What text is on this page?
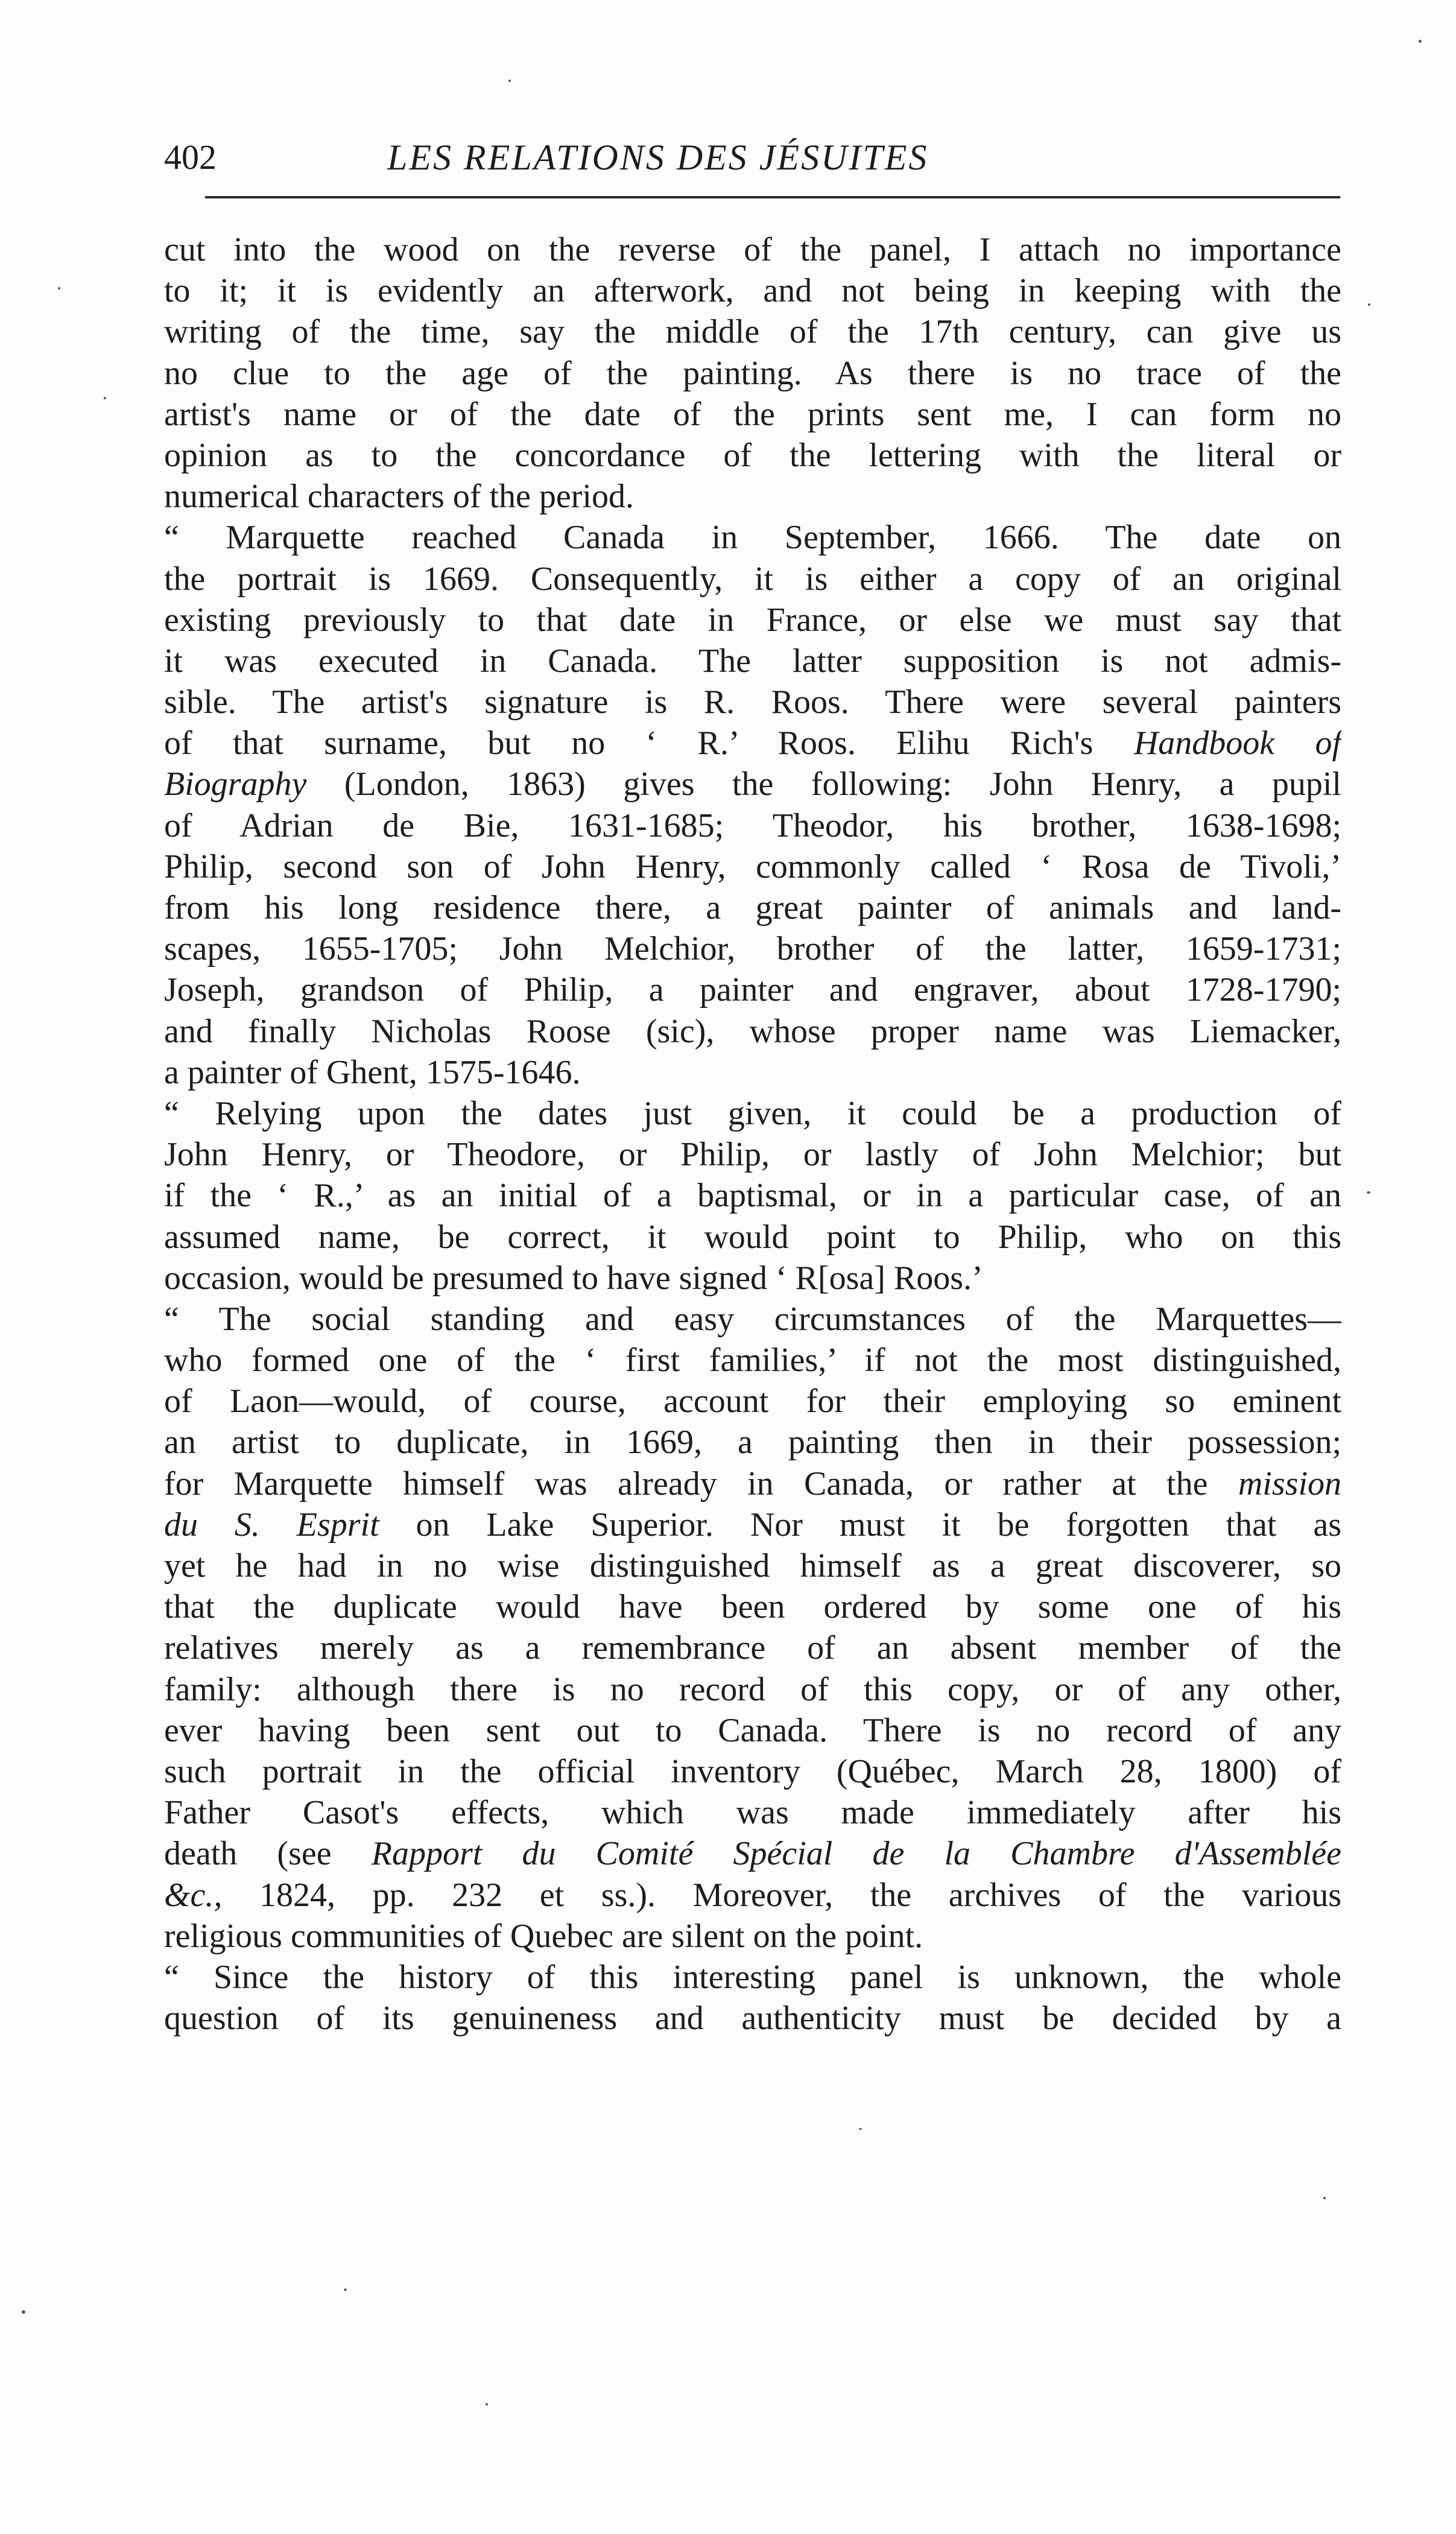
402	LES RELATIONS DES JÉSUITES
cut into the wood on the reverse of the panel, I attach no importance
to it; it is evidently an afterwork, and not being in keeping with the
writing of the time, say the middle of the 17th century, can give us
no clue to the age of the painting. As there is no trace of the
artist's name or of the date of the prints sent me, I can form no
opinion as to the concordance of the lettering with the literal or
numerical characters of the period.
“ Marquette reached Canada in September, 1666. The date on
the portrait is 1669. Consequently, it is either a copy of an original
existing previously to that date in France, or else we must say that
it was executed in Canada. The latter supposition is not admis-
sible. The artist's signature is R. Roos. There were several painters
of that surname, but no ‘ R.’ Roos. Elihu Rich's Handbook of
Biography (London, 1863) gives the following: John Henry, a pupil
of Adrian de Bie, 1631-1685; Theodor, his brother, 1638-1698;
Philip, second son of John Henry, commonly called ‘ Rosa de Tivoli,’
from his long residence there, a great painter of animals and land-
scapes, 1655-1705; John Melchior, brother of the latter, 1659-1731;
Joseph, grandson of Philip, a painter and engraver, about 1728-1790;
and finally Nicholas Roose (sic), whose proper name was Liemacker,
a painter of Ghent, 1575-1646.
“ Relying upon the dates just given, it could be a production of
John Henry, or Theodore, or Philip, or lastly of John Melchior; but
if the ‘ R.,’ as an initial of a baptismal, or in a particular case, of an
assumed name, be correct, it would point to Philip, who on this
occasion, would be presumed to have signed ‘ R[osa] Roos.’
“ The social standing and easy circumstances of the Marquettes—
who formed one of the ‘ first families,’ if not the most distinguished,
of Laon—would, of course, account for their employing so eminent
an artist to duplicate, in 1669, a painting then in their possession;
for Marquette himself was already in Canada, or rather at the mission
du S. Esprit on Lake Superior. Nor must it be forgotten that as
yet he had in no wise distinguished himself as a great discoverer, so
that the duplicate would have been ordered by some one of his
relatives merely as a remembrance of an absent member of the
family: although there is no record of this copy, or of any other,
ever having been sent out to Canada. There is no record of any
such portrait in the official inventory (Québec, March 28, 1800) of
Father Casot's effects, which was made immediately after his
death (see Rapport du Comité Spécial de la Chambre d'Assemblée
&c., 1824, pp. 232 et ss.). Moreover, the archives of the various
religious communities of Quebec are silent on the point.
“ Since the history of this interesting panel is unknown, the whole
question of its genuineness and authenticity must be decided by a
